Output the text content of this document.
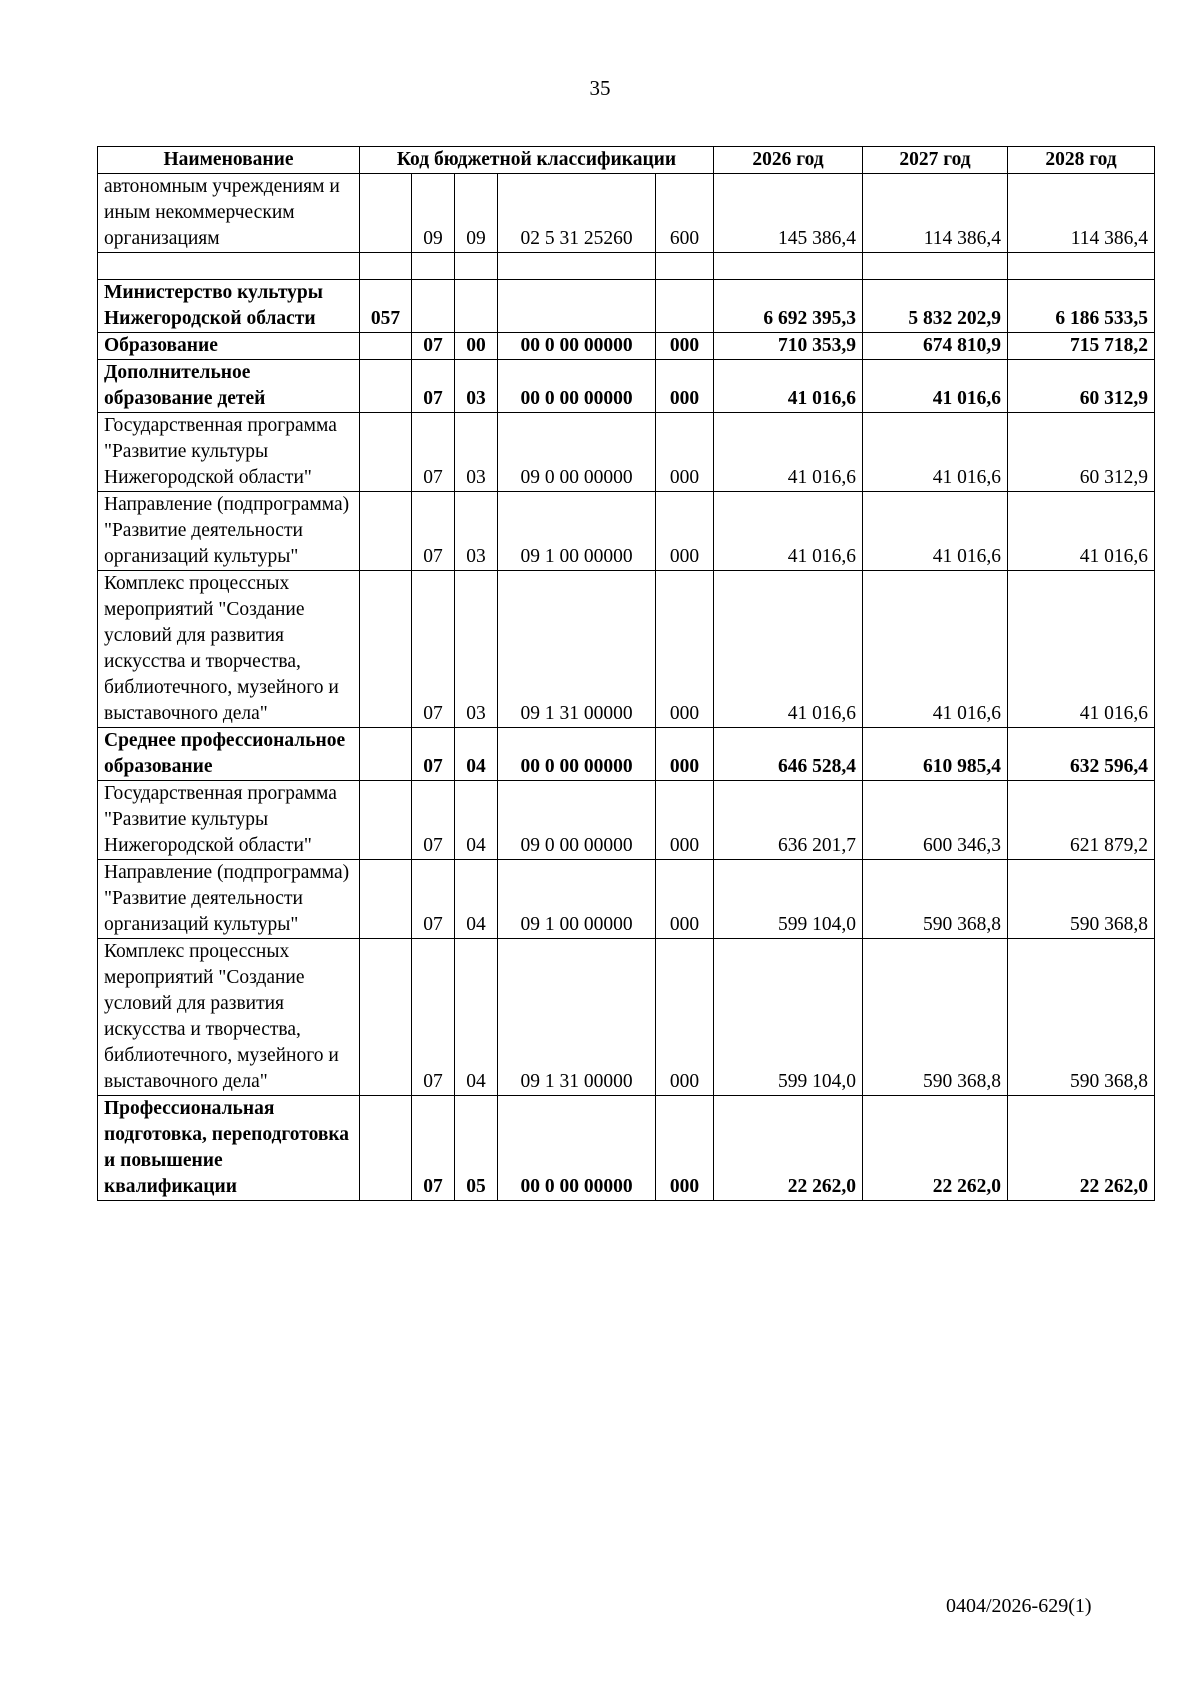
35
Наименование	Код бюджетной классификации					2026 год	2027 год	2028 год
автономным учреждениям и иным некоммерческим организациям		09	09	02 5 31 25260	600	145 386,4	114 386,4	114 386,4

Министерство культуры Нижегородской области	057					6 692 395,3	5 832 202,9	6 186 533,5
Образование		07	00	00 0 00 00000	000	710 353,9	674 810,9	715 718,2
Дополнительное образование детей		07	03	00 0 00 00000	000	41 016,6	41 016,6	60 312,9
Государственная программа "Развитие культуры Нижегородской области"		07	03	09 0 00 00000	000	41 016,6	41 016,6	60 312,9
Направление (подпрограмма) "Развитие деятельности организаций культуры"		07	03	09 1 00 00000	000	41 016,6	41 016,6	41 016,6
Комплекс процессных мероприятий "Создание условий для развития искусства и творчества, библиотечного, музейного и выставочного дела"		07	03	09 1 31 00000	000	41 016,6	41 016,6	41 016,6
Среднее профессиональное образование		07	04	00 0 00 00000	000	646 528,4	610 985,4	632 596,4
Государственная программа "Развитие культуры Нижегородской области"		07	04	09 0 00 00000	000	636 201,7	600 346,3	621 879,2
Направление (подпрограмма) "Развитие деятельности организаций культуры"		07	04	09 1 00 00000	000	599 104,0	590 368,8	590 368,8
Комплекс процессных мероприятий "Создание условий для развития искусства и творчества, библиотечного, музейного и выставочного дела"		07	04	09 1 31 00000	000	599 104,0	590 368,8	590 368,8
Профессиональная подготовка, переподготовка и повышение квалификации		07	05	00 0 00 00000	000	22 262,0	22 262,0	22 262,0
0404/2026-629(1)
